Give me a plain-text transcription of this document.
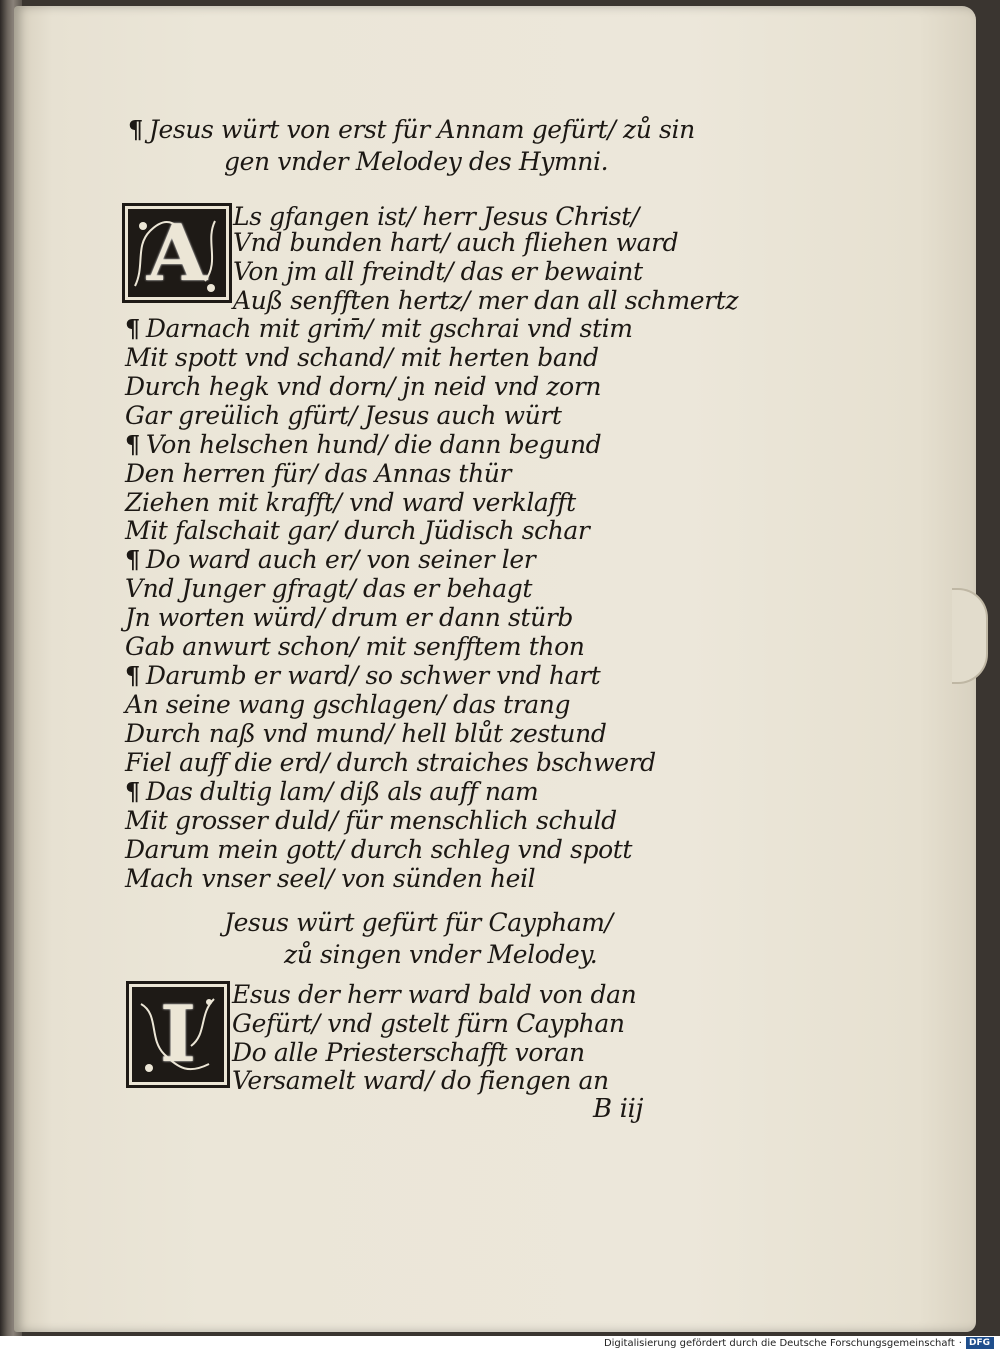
¶ Jesus würt von erst für Annam gefürt/ zů sin
gen vnder Melodey des Hymni.
A Ls gfangen ist/ herr Jesus Christ/
Vnd bunden hart/ auch fliehen ward
Von jm all freindt/ das er bewaint
Auß senfften hertz/ mer dan all schmertz
¶ Darnach mit grim̄/ mit gschrai vnd stim
Mit spott vnd schand/ mit herten band
Durch hegk vnd dorn/ jn neid vnd zorn
Gar greülich gfürt/ Jesus auch würt
¶ Von helschen hund/ die dann begund
Den herren für/ das Annas thür
Ziehen mit krafft/ vnd ward verklafft
Mit falschait gar/ durch Jüdisch schar
¶ Do ward auch er/ von seiner ler
Vnd Junger gfragt/ das er behagt
Jn worten würd/ drum er dann stürb
Gab anwurt schon/ mit senfftem thon
¶ Darumb er ward/ so schwer vnd hart
An seine wang gschlagen/ das trang
Durch naß vnd mund/ hell blůt zestund
Fiel auff die erd/ durch straiches bschwerd
¶ Das dultig lam/ diß als auff nam
Mit grosser duld/ für menschlich schuld
Darum mein gott/ durch schleg vnd spott
Mach vnser seel/ von sünden heil
Jesus würt gefürt für Caypham/
zů singen vnder Melodey.
I Esus der herr ward bald von dan
Gefürt/ vnd gstelt fürn Cayphan
Do alle Priesterschafft voran
Versamelt ward/ do fiengen an
B iij
Digitalisierung gefördert durch die Deutsche Forschungsgemeinschaft · DFG
